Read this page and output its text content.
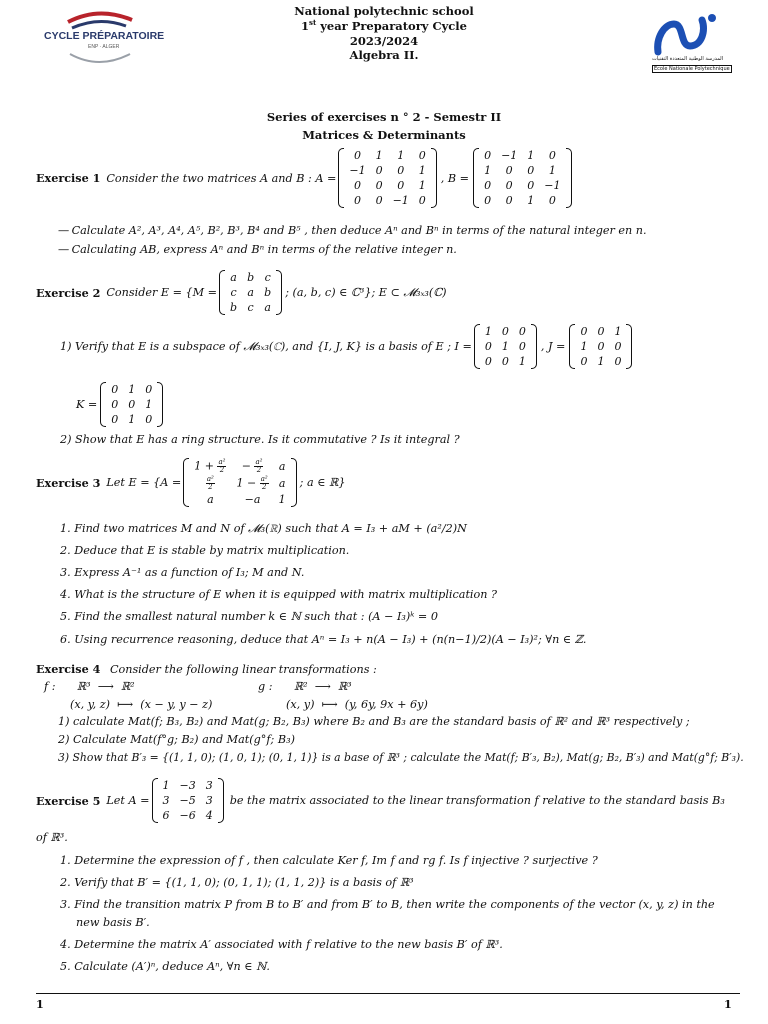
CYCLE PRÉPARATOIRE
ENP · ALGER
المدرسة الوطنية المتعددة التقنيات
École Nationale Polytechnique
National polytechnic school
1st year Preparatory Cycle
2023/2024
Algebra II.
Series of exercises n ° 2 - Semestr II
Matrices & Determinants
Exercise 1 Consider the two matrices A and B : A =
0	1	1	0
−1	0	0	1
0	0	0	1
0	0	−1	0
, B =
0	−1	1	0
1	0	0	1
0	0	0	−1
0	0	1	0
— Calculate A², A³, A⁴, A⁵, B², B³, B⁴ and B⁵ , then deduce Aⁿ and Bⁿ in terms of the natural integer en n.
— Calculating AB, express Aⁿ and Bⁿ in terms of the relative integer n.
Exercise 2 Consider E = {M =
a	b	c
c	a	b
b	c	a
; (a, b, c) ∈ ℂ³}; E ⊂ 𝓜₃ₓ₃(ℂ)
1) Verify that E is a subspace of 𝓜₃ₓ₃(ℂ), and {I, J, K} is a basis of E ; I =
1	0	0
0	1	0
0	0	1
, J =
0	0	1
1	0	0
0	1	0
K =
0	1	0
0	0	1
0	1	0
2) Show that E has a ring structure. Is it commutative ? Is it integral ?
Exercise 3 Let E = {A =
$1 + \frac{\text{a²}}{2}$	− $\frac{\text{a²}}{2}$	a

$\frac{\text{a²}}{2}$	$1 - \frac{\text{a²}}{2}$	a
a	−a	1
; a ∈ ℝ}
1. Find two matrices M and N of 𝓜₃(ℝ) such that A = I₃ + aM + (a²/2)N
2. Deduce that E is stable by matrix multiplication.
3. Express A⁻¹ as a function of I₃; M and N.
4. What is the structure of E when it is equipped with matrix multiplication ?
5. Find the smallest natural number k ∈ ℕ such that : (A − I₃)ᵏ = 0
6. Using recurrence reasoning, deduce that Aⁿ = I₃ + n(A − I₃) + (n(n−1)/2)(A − I₃)²; ∀n ∈ ℤ.
Exercise 4 Consider the following linear transformations :
f :      ℝ³  ⟶  ℝ²
(x, y, z)  ⟼  (x − y, y − z)
g :      ℝ²  ⟶  ℝ³
(x, y)  ⟼  (y, 6y, 9x + 6y)
1) calculate Mat(f; B₃, B₂) and Mat(g; B₂, B₃) where B₂ and B₃ are the standard basis of ℝ² and ℝ³ respectively ;
2) Calculate Mat(f°g; B₂) and Mat(g°f; B₃)
3) Show that B′₃ = {(1, 1, 0); (1, 0, 1); (0, 1, 1)} is a base of ℝ³ ; calculate the Mat(f; B′₃, B₂), Mat(g; B₂, B′₃) and Mat(g°f; B′₃).
Exercise 5 Let A =
1	−3	3
3	−5	3
6	−6	4
be the matrix associated to the linear transformation f relative to the standard basis B₃
of ℝ³.
1. Determine the expression of f , then calculate Ker f, Im f and rg f. Is f injective ? surjective ?
2. Verify that B′ = {(1, 1, 0); (0, 1, 1); (1, 1, 2)} is a basis of ℝ³
3. Find the transition matrix P from B to B′ and from B′ to B, then write the components of the vector (x, y, z) in the
new basis B′.
4. Determine the matrix A′ associated with f relative to the new basis B′ of ℝ³.
5. Calculate (A′)ⁿ, deduce Aⁿ, ∀n ∈ ℕ.
1	1
